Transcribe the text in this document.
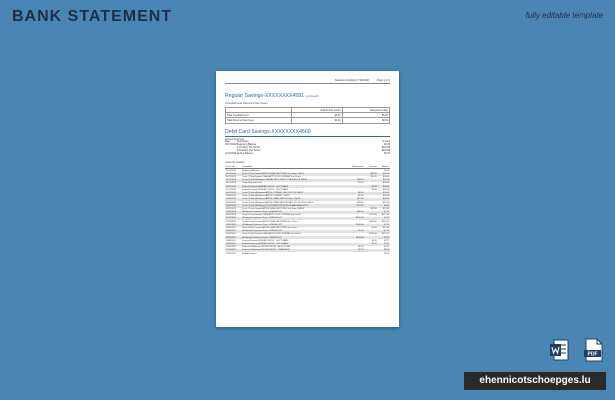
BANK STATEMENT	fully editable template
Statement Ending 1*/18/2018	Page 1 of 3
Regular Savings-XXXXXXXX4581 (continued)
Overdraft and Returned Item Fees
	Total for this period	Total year-to-date
Total Overdraft Fees	$0.00	$0.00
Total Returned Item Fees	$0.00	$0.00
Debit Card Savings-XXXXXXXX4560
Account Summary
Date	Description	Amount
10/17/2022 Beginning Balance	$0.00
2 Credit(s) This Period	$624.88
18 Debit(s) This Period	$624.88
11/15/2022 Ending Balance	$0.00
Account Activity
Post Date	Description	Withdrawals	Deposits	Balance
10/17/2022	Beginning Balance			$0.00
10/17/2022	Point Of Sale Deposit APPLE CASH INFT STEF Visa Direct CA/US		$80.00	$80.00
10/17/2022	Point Of Sale Deposit CASH APP*COLBY JORDAN Visa Direct		$16.16	$96.16
10/17/2022	Point Of Sale Withdrawal PAYPAL INST XFER ITUNES APPLE CA/US	$48.48		$47.68
10/17/2022	Paper Statement Fee	$3.00		$44.68
10/17/2022	External Deposit SENDER XXXXX - GCZT-WAFF		$5.39	$50.07
10/17/2022	External Deposit SENDER XXXXX - GCZT-WAFF		$5.39	$55.46
10/17/2022	Point Of Sale Withdrawal APPLE.COM/BILL 866-712-7753 CA/US	$0.99		$54.47
10/18/2022	Point Of Sale Withdrawal APPLE.COM/BILL CA/US	$1.99		$52.48
10/18/2022	Point Of Sale Withdrawal APPLE CASH SENT MONEY CA/US	$10.00		$42.48
10/19/2022	Point Of Sale Withdrawal APPLE CASH SENT MONEY 877-233-8552 CA/US	$25.00		$17.48
10/20/2022	Point Of Sale Withdrawal DOORDASH*CHICK-FIL-A SAN FRANCISCO	$15.00		$2.48
10/27/2022	Point Of Sale Deposit APPLE CASH INFT STEF Visa Direct CA/US		$35.19	$37.67
10/28/2022	Withdrawal Quicksav Prime - 0000000 LKT	$30.00		$7.67
10/28/2022	Point Of Sale Deposit CASH APP*COLBY JORDAN Visa Direct		$120.00	$127.67
10/31/2022	Withdrawal Quicksav Prime - 0000000 LKT	$120.00		$7.67
11/01/2022	Point Of Sale Deposit APPLE CASH INFT STEF Visa Direct		$108.00	$115.67
11/02/2022	Withdrawal Quicksav Prime - 0000000 LKT	$108.00		$7.67
11/03/2022	Point Of Sale Deposit APPLE CASH INFT STEF Visa Direct		$5.00	$12.67
11/04/2022	Withdrawal Quicksav Prime - 0000000 LKT	$5.00		$7.67
11/04/2022	Point Of Sale Deposit CASH APP*COLBY JORDAN Visa Direct		$120.00	$127.67
11/07/2022	Withdrawal Quicksav Prime - 0000000 LKT	$120.00		$7.67
11/08/2022	External Deposit SENDER XXXXX - GCZT-WAFF		$0.12	$7.79
11/09/2022	External Deposit SENDER XXXXX - GCZT-WAFF		$0.12	$7.91
11/10/2022	External Withdrawal FROM XXXXXX - ACH TO PAY	$0.24		$7.67
11/14/2022	External Withdrawal FROM XXXXXX - TRANSFER	$7.67		$0.00
11/15/2022	Ending Balance			$0.00
PDF
ehennicotschoepges.lu
